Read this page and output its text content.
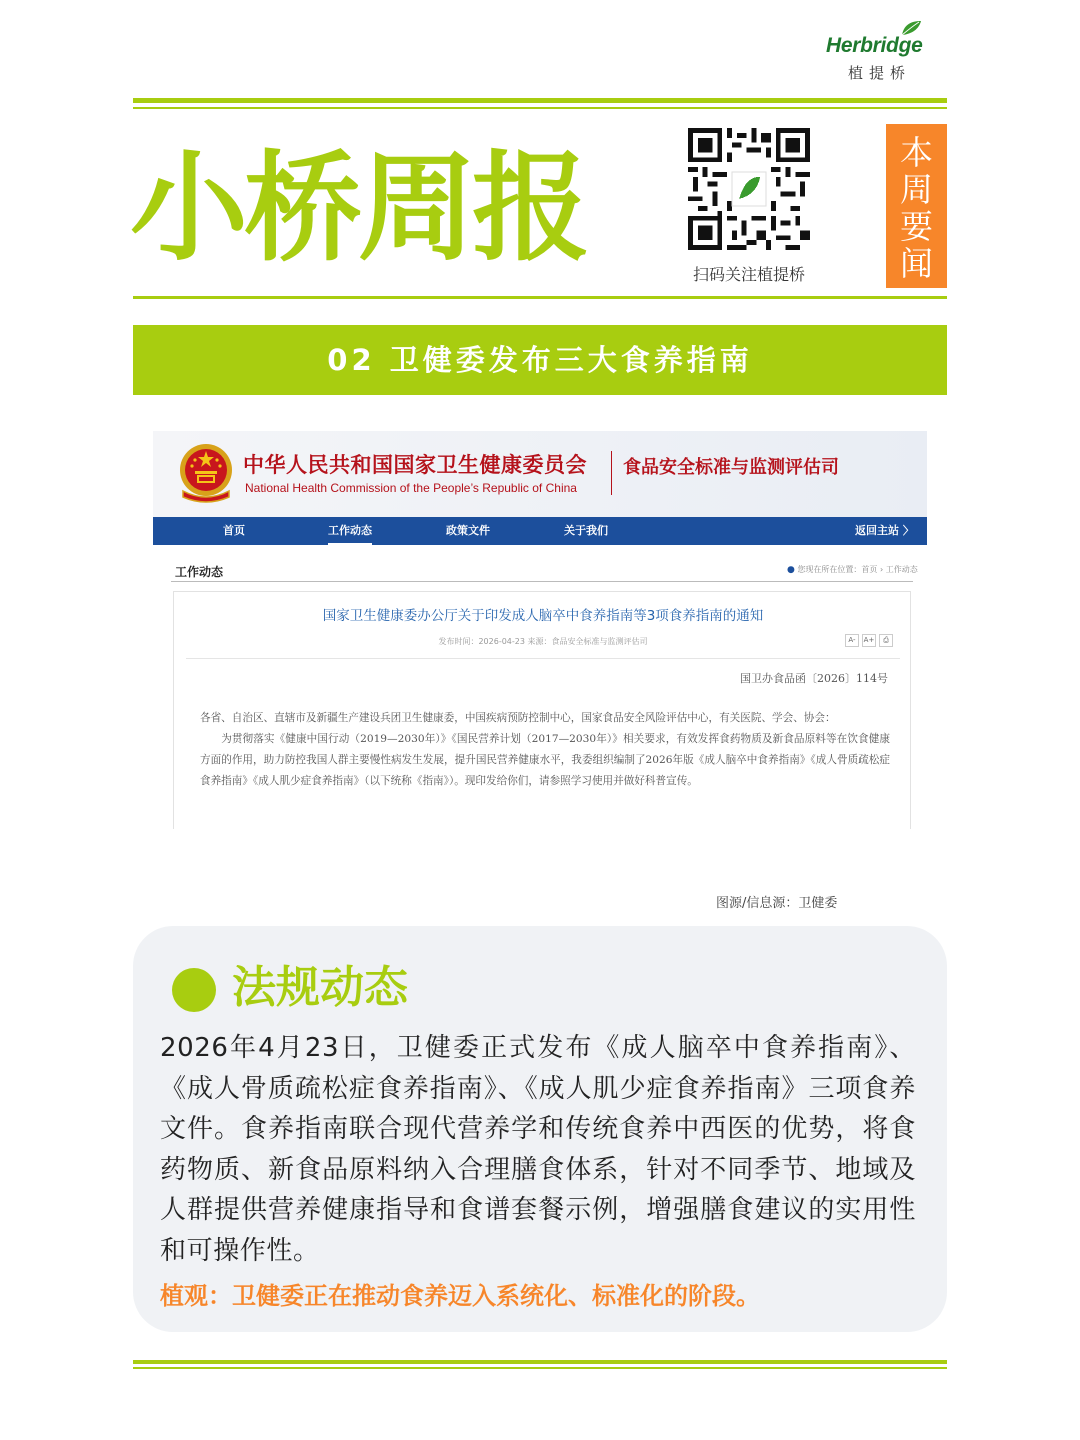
Herbridge
植提桥
小桥周报	扫码关注植提桥
本
周
要
闻
02 卫健委发布三大食养指南
中华人民共和国国家卫生健康委员会
National Health Commission of the People’s Republic of China
食品安全标准与监测评估司
首页	工作动态	政策文件	关于我们	返回主站 〉
工作动态	● 您现在所在位置：首页 › 工作动态
国家卫生健康委办公厅关于印发成人脑卒中食养指南等3项食养指南的通知
发布时间：2026-04-23 来源：食品安全标准与监测评估司	A- A+ ⎙
国卫办食品函〔2026〕114号

各省、自治区、直辖市及新疆生产建设兵团卫生健康委，中国疾病预防控制中心，国家食品安全风险评估中心，有关医院、学会、协会：

为贯彻落实《健康中国行动（2019—2030年）》《国民营养计划（2017—2030年）》相关要求，有效发挥食药物质及新食品原料等在饮食健康方面的作用，助力防控我国人群主要慢性病发生发展，提升国民营养健康水平，我委组织编制了2026年版《成人脑卒中食养指南》《成人骨质疏松症食养指南》《成人肌少症食养指南》（以下统称《指南》）。现印发给你们，请参照学习使用并做好科普宣传。

图源/信息源：卫健委
法规动态
2026年4月23日，卫健委正式发布《成人脑卒中食养指南》、《成人骨质疏松症食养指南》、《成人肌少症食养指南》三项食养文件。食养指南联合现代营养学和传统食养中西医的优势，将食药物质、新食品原料纳入合理膳食体系，针对不同季节、地域及人群提供营养健康指导和食谱套餐示例，增强膳食建议的实用性和可操作性。
植观：卫健委正在推动食养迈入系统化、标准化的阶段。
